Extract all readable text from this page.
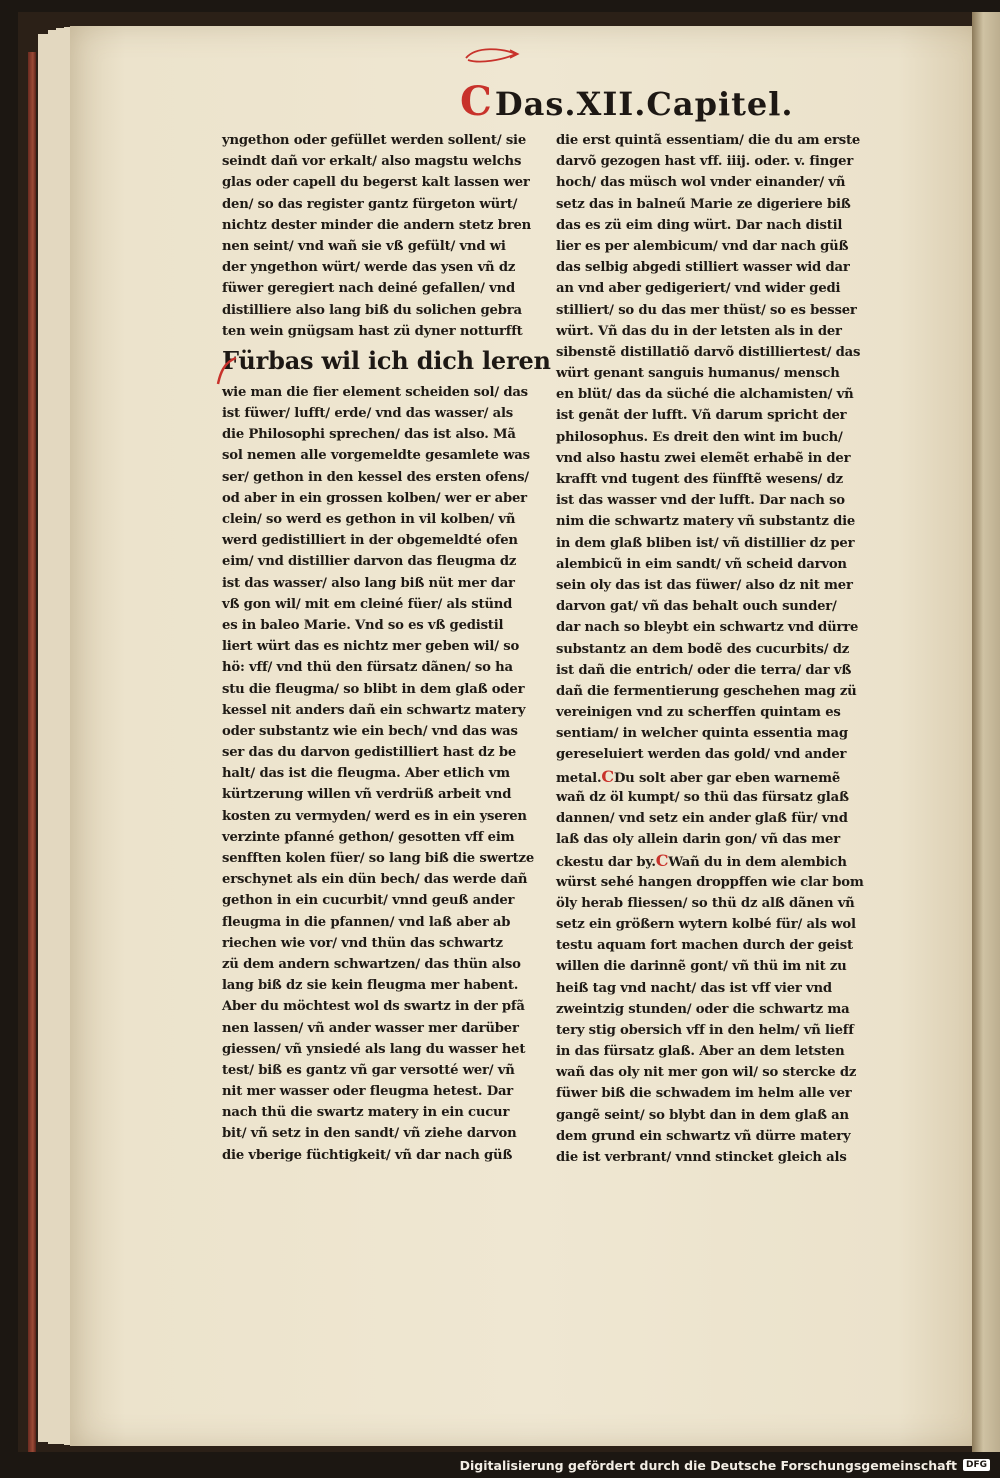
CDas.XII.Capitel.
yngethon oder gefüllet werden sollent/ sie
seindt dañ vor erkalt/ also magstu welchs
glas oder capell du begerst kalt lassen wer
den/ so das register gantz fürgeton würt/
nichtz dester minder die andern stetz bren
nen seint/ vnd wañ sie vß gefült/ vnd wi
der yngethon würt/ werde das ysen vñ dz
füwer geregiert nach deiné gefallen/ vnd
distilliere also lang biß du solichen gebra
ten wein gnügsam hast zü dyner notturfft
Fürbas wil ich dich leren
wie man die fier element scheiden sol/ das
ist füwer/ lufft/ erde/ vnd das wasser/ als
die Philosophi sprechen/ das ist also. Mã
sol nemen alle vorgemeldte gesamlete was
ser/ gethon in den kessel des ersten ofens/
od aber in ein grossen kolben/ wer er aber
clein/ so werd es gethon in vil kolben/ vñ
werd gedistilliert in der obgemeldté ofen
eim/ vnd distillier darvon das fleugma dz
ist das wasser/ also lang biß nüt mer dar
vß gon wil/ mit em cleiné füer/ als stünd
es in baleo Marie. Vnd so es vß gedistil
liert würt das es nichtz mer geben wil/ so
hö: vff/ vnd thü den fürsatz dãnen/ so ha
stu die fleugma/ so blibt in dem glaß oder
kessel nit anders dañ ein schwartz matery
oder substantz wie ein bech/ vnd das was
ser das du darvon gedistilliert hast dz be
halt/ das ist die fleugma. Aber etlich vm
kürtzerung willen vñ verdrüß arbeit vnd
kosten zu vermyden/ werd es in ein yseren
verzinte pfanné gethon/ gesotten vff eim
senfften kolen füer/ so lang biß die swertze
erschynet als ein dün bech/ das werde dañ
gethon in ein cucurbit/ vnnd geuß ander
fleugma in die pfannen/ vnd laß aber ab
riechen wie vor/ vnd thün das schwartz
zü dem andern schwartzen/ das thün also
lang biß dz sie kein fleugma mer habent.
Aber du möchtest wol ds swartz in der pfã
nen lassen/ vñ ander wasser mer darüber
giessen/ vñ ynsiedé als lang du wasser het
test/ biß es gantz vñ gar versotté wer/ vñ
nit mer wasser oder fleugma hetest. Dar
nach thü die swartz matery in ein cucur
bit/ vñ setz in den sandt/ vñ ziehe darvon
die vberige füchtigkeit/ vñ dar nach güß
die erst quintã essentiam/ die du am erste
darvõ gezogen hast vff. iiij. oder. v. finger
hoch/ das müsch wol vnder einander/ vñ
setz das in balneű Marie ze digeriere biß
das es zü eim ding würt. Dar nach distil
lier es per alembicum/ vnd dar nach güß
das selbig abgedi stilliert wasser wid dar
an vnd aber gedigeriert/ vnd wider gedi
stilliert/ so du das mer thüst/ so es besser
würt. Vñ das du in der letsten als in der
sibenstẽ distillatiõ darvõ distilliertest/ das
würt genant sanguis humanus/ mensch
en blüt/ das da süché die alchamisten/ vñ
ist genãt der lufft. Vñ darum spricht der
philosophus. Es dreit den wint im buch/
vnd also hastu zwei elemẽt erhabẽ in der
krafft vnd tugent des fünfftẽ wesens/ dz
ist das wasser vnd der lufft. Dar nach so
nim die schwartz matery vñ substantz die
in dem glaß bliben ist/ vñ distillier dz per
alembicũ in eim sandt/ vñ scheid darvon
sein oly das ist das füwer/ also dz nit mer
darvon gat/ vñ das behalt ouch sunder/
dar nach so bleybt ein schwartz vnd dürre
substantz an dem bodẽ des cucurbits/ dz
ist dañ die entrich/ oder die terra/ dar vß
dañ die fermentierung geschehen mag zü
vereinigen vnd zu scherffen quintam es
sentiam/ in welcher quinta essentia mag
gereseluiert werden das gold/ vnd ander
metal.CDu solt aber gar eben warnemẽ
wañ dz öl kumpt/ so thü das fürsatz glaß
dannen/ vnd setz ein ander glaß für/ vnd
laß das oly allein darin gon/ vñ das mer
ckestu dar by.CWañ du in dem alembich
würst sehé hangen droppffen wie clar bom
öly herab fliessen/ so thü dz alß dãnen vñ
setz ein größern wytern kolbé für/ als wol
testu aquam fort machen durch der geist
willen die darinnẽ gont/ vñ thü im nit zu
heiß tag vnd nacht/ das ist vff vier vnd
zweintzig stunden/ oder die schwartz ma
tery stig obersich vff in den helm/ vñ lieff
in das fürsatz glaß. Aber an dem letsten
wañ das oly nit mer gon wil/ so stercke dz
füwer biß die schwadem im helm alle ver
gangẽ seint/ so blybt dan in dem glaß an
dem grund ein schwartz vñ dürre matery
die ist verbrant/ vnnd stincket gleich als
Digitalisierung gefördert durch die Deutsche Forschungsgemeinschaft	DFG
